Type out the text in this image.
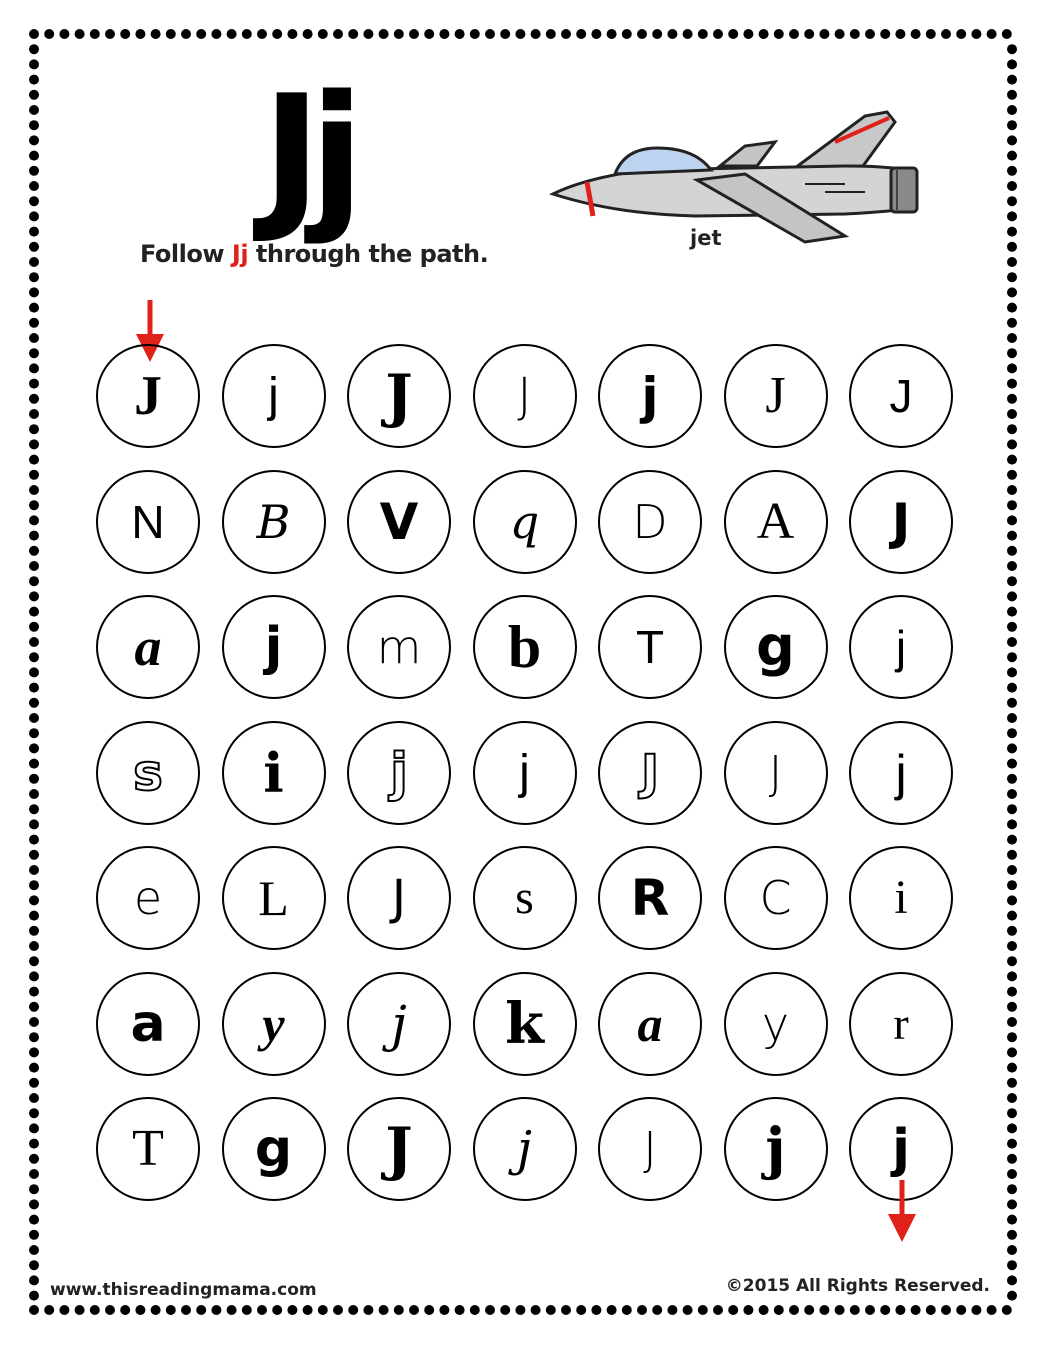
Jj
Follow Jj through the path.
jet
J	j	J	J	j	J	J
N	B	V	q	D	A	J
a	j	m	b	T	g	j
s	i	j	j	J	J	j
e	L	J	s	R	C	i
a	y	j	k	a	y	r
T	g	J	j	J	j	j
www.thisreadingmama.com	©2015 All Rights Reserved.
